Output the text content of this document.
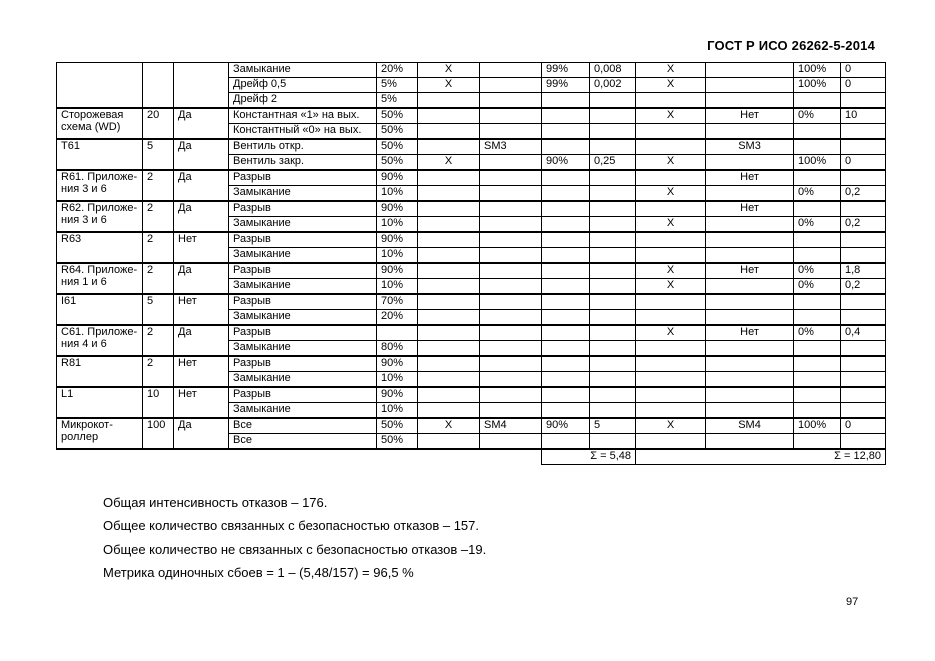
ГОСТ Р ИСО 26262-5-2014
			Замыкание	20%	X		99%	0,008	X		100%	0
			Дрейф 0,5	5%	X		99%	0,002	X		100%	0
			Дрейф 2	5%								
Сторожевая схема (WD)	20	Да	Константная «1» на вых.	50%					X	Нет	0%	10
			Константный «0» на вых.	50%								
T61	5	Да	Вентиль откр.	50%		SM3				SM3		
			Вентиль закр.	50%	X		90%	0,25	X		100%	0
R61. Приложе-ния 3 и 6	2	Да	Разрыв	90%						Нет		
			Замыкание	10%					X		0%	0,2
R62. Приложе-ния 3 и 6	2	Да	Разрыв	90%						Нет		
			Замыкание	10%					X		0%	0,2
R63	2	Нет	Разрыв	90%								
			Замыкание	10%								
R64. Приложе-ния 1 и 6	2	Да	Разрыв	90%					X	Нет	0%	1,8
			Замыкание	10%					X		0%	0,2
I61	5	Нет	Разрыв	70%								
			Замыкание	20%								
C61. Приложе-ния 4 и 6	2	Да	Разрыв						X	Нет	0%	0,4
			Замыкание	80%								
R81	2	Нет	Разрыв	90%								
			Замыкание	10%								
L1	10	Нет	Разрыв	90%								
			Замыкание	10%								
Микрокот-роллер	100	Да	Все	50%	X	SM4	90%	5	X	SM4	100%	0
			Все	50%								
							Σ = 5,48		Σ = 12,80			
Общая интенсивность отказов – 176.
Общее количество связанных с безопасностью отказов – 157.
Общее количество не связанных с безопасностью отказов –19.
Метрика одиночных сбоев = 1 – (5,48/157) = 96,5 %
97
